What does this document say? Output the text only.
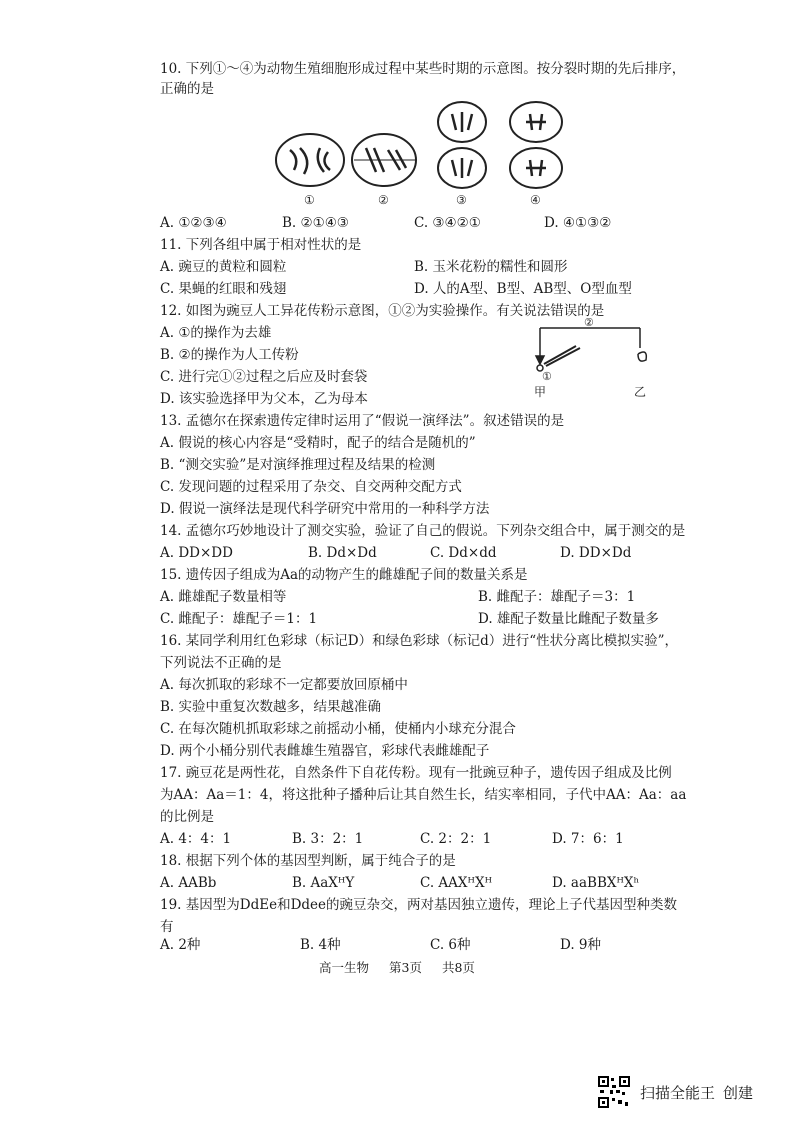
10. 下列①～④为动物生殖细胞形成过程中某些时期的示意图。按分裂时期的先后排序，
正确的是
①	②	③	④
A. ①②③④	B. ②①④③	C. ③④②①	D. ④①③②
11. 下列各组中属于相对性状的是
A. 豌豆的黄粒和圆粒	B. 玉米花粉的糯性和圆形
C. 果蝇的红眼和残翅	D. 人的A型、B型、AB型、O型血型
12. 如图为豌豆人工异花传粉示意图，①②为实验操作。有关说法错误的是
A. ①的操作为去雄
B. ②的操作为人工传粉
C. 进行完①②过程之后应及时套袋
D. 该实验选择甲为父本，乙为母本
②
①
甲	乙
13. 孟德尔在探索遗传定律时运用了“假说一演绎法”。叙述错误的是
A. 假说的核心内容是“受精时，配子的结合是随机的”
B. “测交实验”是对演绎推理过程及结果的检测
C. 发现问题的过程采用了杂交、自交两种交配方式
D. 假说一演绎法是现代科学研究中常用的一种科学方法
14. 孟德尔巧妙地设计了测交实验，验证了自己的假说。下列杂交组合中，属于测交的是
A. DD×DD	B. Dd×Dd	C. Dd×dd	D. DD×Dd
15. 遗传因子组成为Aa的动物产生的雌雄配子间的数量关系是
A. 雌雄配子数量相等	B. 雌配子：雄配子＝3：1
C. 雌配子：雄配子＝1：1	D. 雄配子数量比雌配子数量多
16. 某同学利用红色彩球（标记D）和绿色彩球（标记d）进行“性状分离比模拟实验”，
下列说法不正确的是
A. 每次抓取的彩球不一定都要放回原桶中
B. 实验中重复次数越多，结果越准确
C. 在每次随机抓取彩球之前摇动小桶，使桶内小球充分混合
D. 两个小桶分别代表雌雄生殖器官，彩球代表雌雄配子
17. 豌豆花是两性花，自然条件下自花传粉。现有一批豌豆种子，遗传因子组成及比例
为AA：Aa＝1：4，将这批种子播种后让其自然生长，结实率相同，子代中AA：Aa：aa
的比例是
A. 4：4：1	B. 3：2：1	C. 2：2：1	D. 7：6：1
18. 根据下列个体的基因型判断，属于纯合子的是
A. AABb	B. AaXᴴY	C. AAXᴴXᴴ	D. aaBBXᴴXʰ
19. 基因型为DdEe和Ddee的豌豆杂交，两对基因独立遗传，理论上子代基因型种类数
有
A. 2种	B. 4种	C. 6种	D. 9种
高一生物 第3页 共8页
扫描全能王 创建
